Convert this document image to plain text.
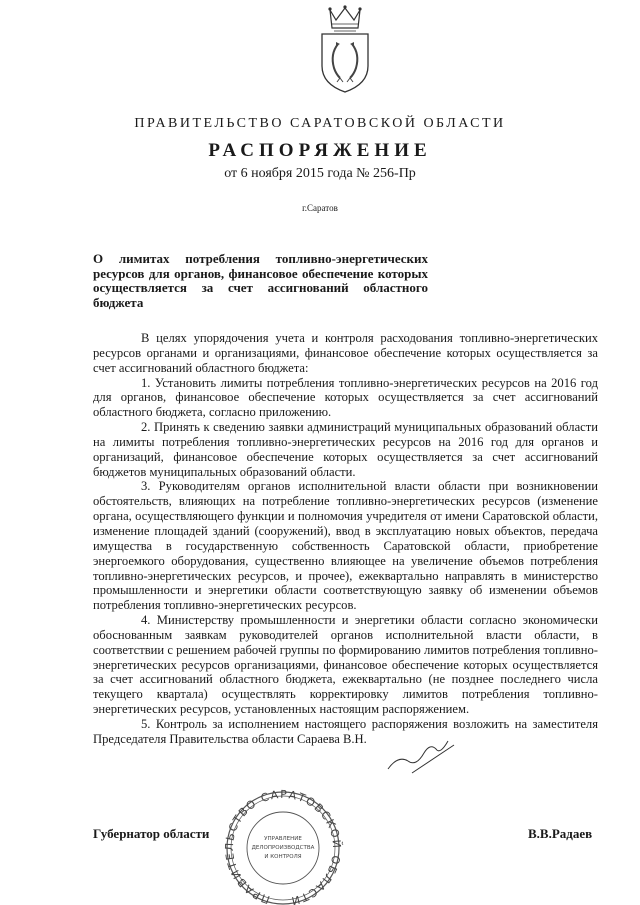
ПРАВИТЕЛЬСТВО САРАТОВСКОЙ ОБЛАСТИ
РАСПОРЯЖЕНИЕ
от 6 ноября 2015 года № 256-Пр
г.Саратов
О лимитах потребления топливно-энергетических ресурсов для органов, финансовое обеспечение которых осуществляется за счет ассигнований областного бюджета

В целях упорядочения учета и контроля расходования топливно-энергетических ресурсов органами и организациями, финансовое обеспечение которых осуществляется за счет ассигнований областного бюджета:

1. Установить лимиты потребления топливно-энергетических ресурсов на 2016 год для органов, финансовое обеспечение которых осуществляется за счет ассигнований областного бюджета, согласно приложению.

2. Принять к сведению заявки администраций муниципальных образований области на лимиты потребления топливно-энергетических ресурсов на 2016 год для органов и организаций, финансовое обеспечение которых осуществляется за счет ассигнований бюджетов муниципальных образований области.

3. Руководителям органов исполнительной власти области при возникновении обстоятельств, влияющих на потребление топливно-энергетических ресурсов (изменение органа, осуществляющего функции и полномочия учредителя от имени Саратовской области, изменение площадей зданий (сооружений), ввод в эксплуатацию новых объектов, передача имущества в государственную собственность Саратовской области, приобретение энергоемкого оборудования, существенно влияющее на увеличение объемов потребления топливно-энергетических ресурсов, и прочее), ежеквартально направлять в министерство промышленности и энергетики области соответствующую заявку об изменении объемов потребления топливно-энергетических ресурсов.

4. Министерству промышленности и энергетики области согласно экономически обоснованным заявкам руководителей органов исполнительной власти области, в соответствии с решением рабочей группы по формированию лимитов потребления топливно-энергетических ресурсов организациями, финансовое обеспечение которых осуществляется за счет ассигнований областного бюджета, ежеквартально (не позднее последнего числа текущего квартала) осуществлять корректировку лимитов потребления топливно-энергетических ресурсов, установленных настоящим распоряжением.

5. Контроль за исполнением настоящего распоряжения возложить на заместителя Председателя Правительства области Сараева В.Н.

ПРАВИТЕЛЬСТВО САРАТОВСКОЙ ОБЛАСТИ
УПРАВЛЕНИЕ
ДЕЛОПРОИЗВОДСТВА
И КОНТРОЛЯ
Губернатор области	В.В.Радаев
